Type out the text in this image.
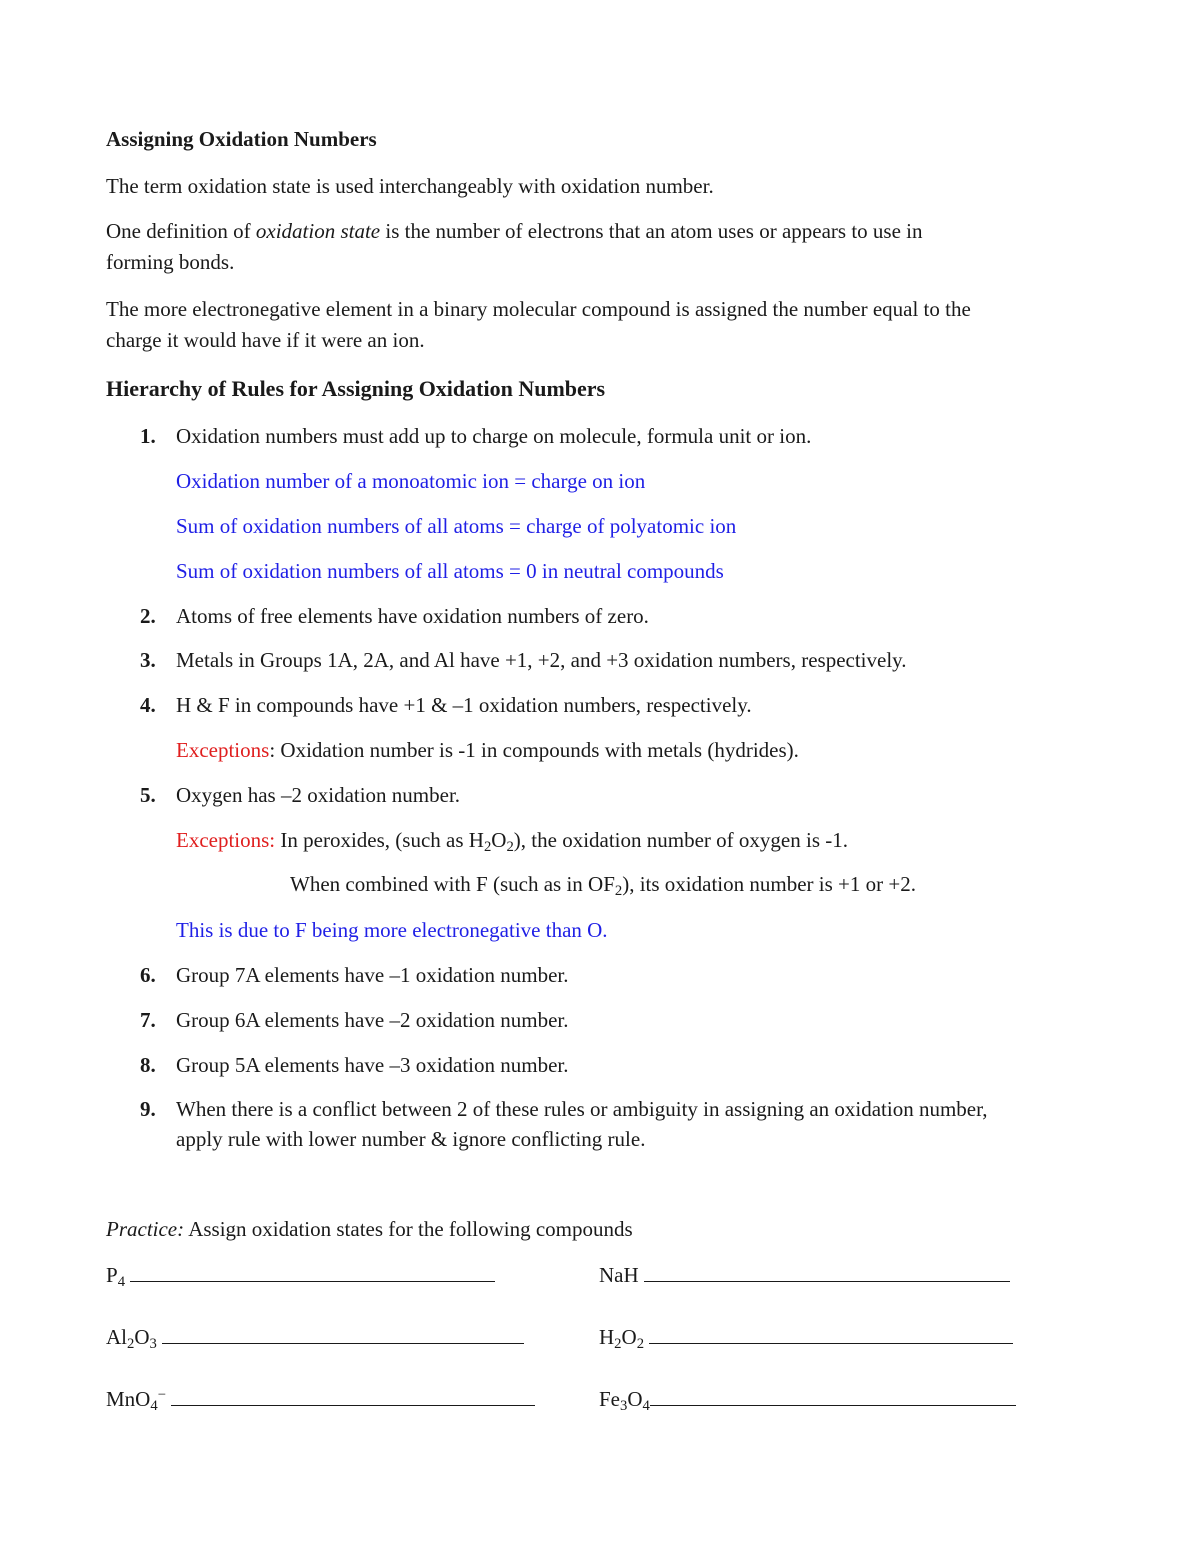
Assigning Oxidation Numbers
The term oxidation state is used interchangeably with oxidation number.
One definition of oxidation state is the number of electrons that an atom uses or appears to use in
forming bonds.
The more electronegative element in a binary molecular compound is assigned the number equal to the
charge it would have if it were an ion.
Hierarchy of Rules for Assigning Oxidation Numbers
1. Oxidation numbers must add up to charge on molecule, formula unit or ion.
Oxidation number of a monoatomic ion = charge on ion
Sum of oxidation numbers of all atoms = charge of polyatomic ion
Sum of oxidation numbers of all atoms = 0 in neutral compounds
2. Atoms of free elements have oxidation numbers of zero.
3. Metals in Groups 1A, 2A, and Al have +1, +2, and +3 oxidation numbers, respectively.
4. H & F in compounds have +1 & –1 oxidation numbers, respectively.
Exceptions: Oxidation number is -1 in compounds with metals (hydrides).
5. Oxygen has –2 oxidation number.
Exceptions: In peroxides, (such as $H_2O_2$), the oxidation number of oxygen is -1.
When combined with F (such as in $OF_2$), its oxidation number is +1 or +2.
This is due to F being more electronegative than O.
6. Group 7A elements have –1 oxidation number.
7. Group 6A elements have –2 oxidation number.
8. Group 5A elements have –3 oxidation number.
9. When there is a conflict between 2 of these rules or ambiguity in assigning an oxidation number,
apply rule with lower number & ignore conflicting rule.
Practice: Assign oxidation states for the following compounds
$P_4$	NaH
$Al_2O_3$	$H_2O_2$
MnO$_4$−	$Fe_3O_4$
